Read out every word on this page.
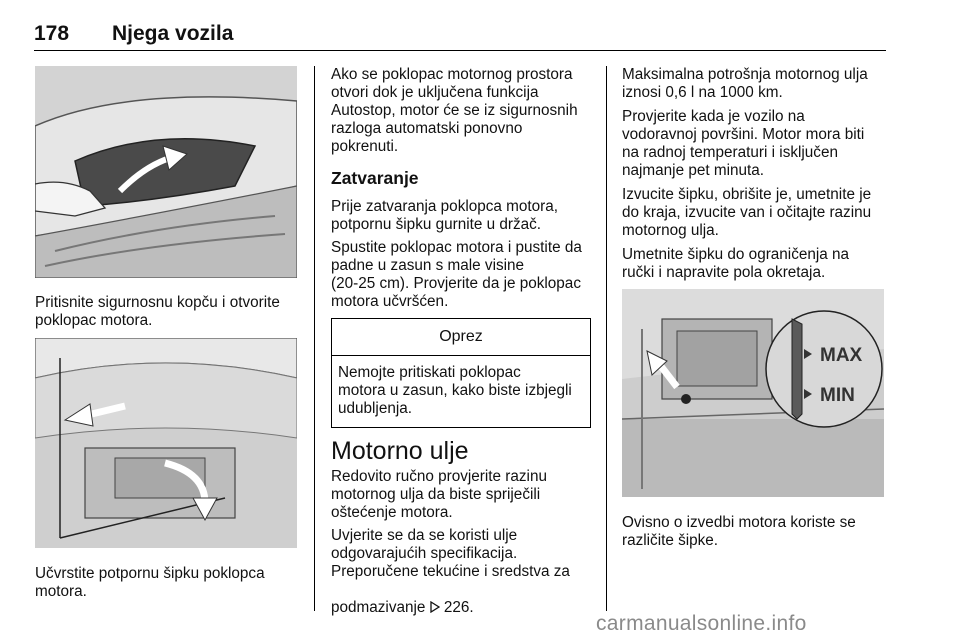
178 Njega vozila
Pritisnite sigurnosnu kopču i otvorite
poklopac motora.
Učvrstite potpornu šipku poklopca
motora.
Ako se poklopac motornog prostora
otvori dok je uključena funkcija
Autostop, motor će se iz sigurnosnih
razloga automatski ponovno
pokrenuti.
Zatvaranje
Prije zatvaranja poklopca motora,
potpornu šipku gurnite u držač.
Spustite poklopac motora i pustite da
padne u zasun s male visine
(20-25 cm). Provjerite da je poklopac
motora učvršćen.
Oprez
Nemojte pritiskati poklopac
motora u zasun, kako biste izbjegli
udubljenja.
Motorno ulje
Redovito ručno provjerite razinu
motornog ulja da biste spriječili
oštećenje motora.
Uvjerite se da se koristi ulje
odgovarajućih specifikacija.
Preporučene tekućine i sredstva za
podmazivanje 226.
Maksimalna potrošnja motornog ulja
iznosi 0,6 l na 1000 km.
Provjerite kada je vozilo na
vodoravnoj površini. Motor mora biti
na radnoj temperaturi i isključen
najmanje pet minuta.
Izvucite šipku, obrišite je, umetnite je
do kraja, izvucite van i očitajte razinu
motornog ulja.
Umetnite šipku do ograničenja na
ručki i napravite pola okretaja.
MAX
MIN
Ovisno o izvedbi motora koriste se
različite šipke.
carmanualsonline.info
